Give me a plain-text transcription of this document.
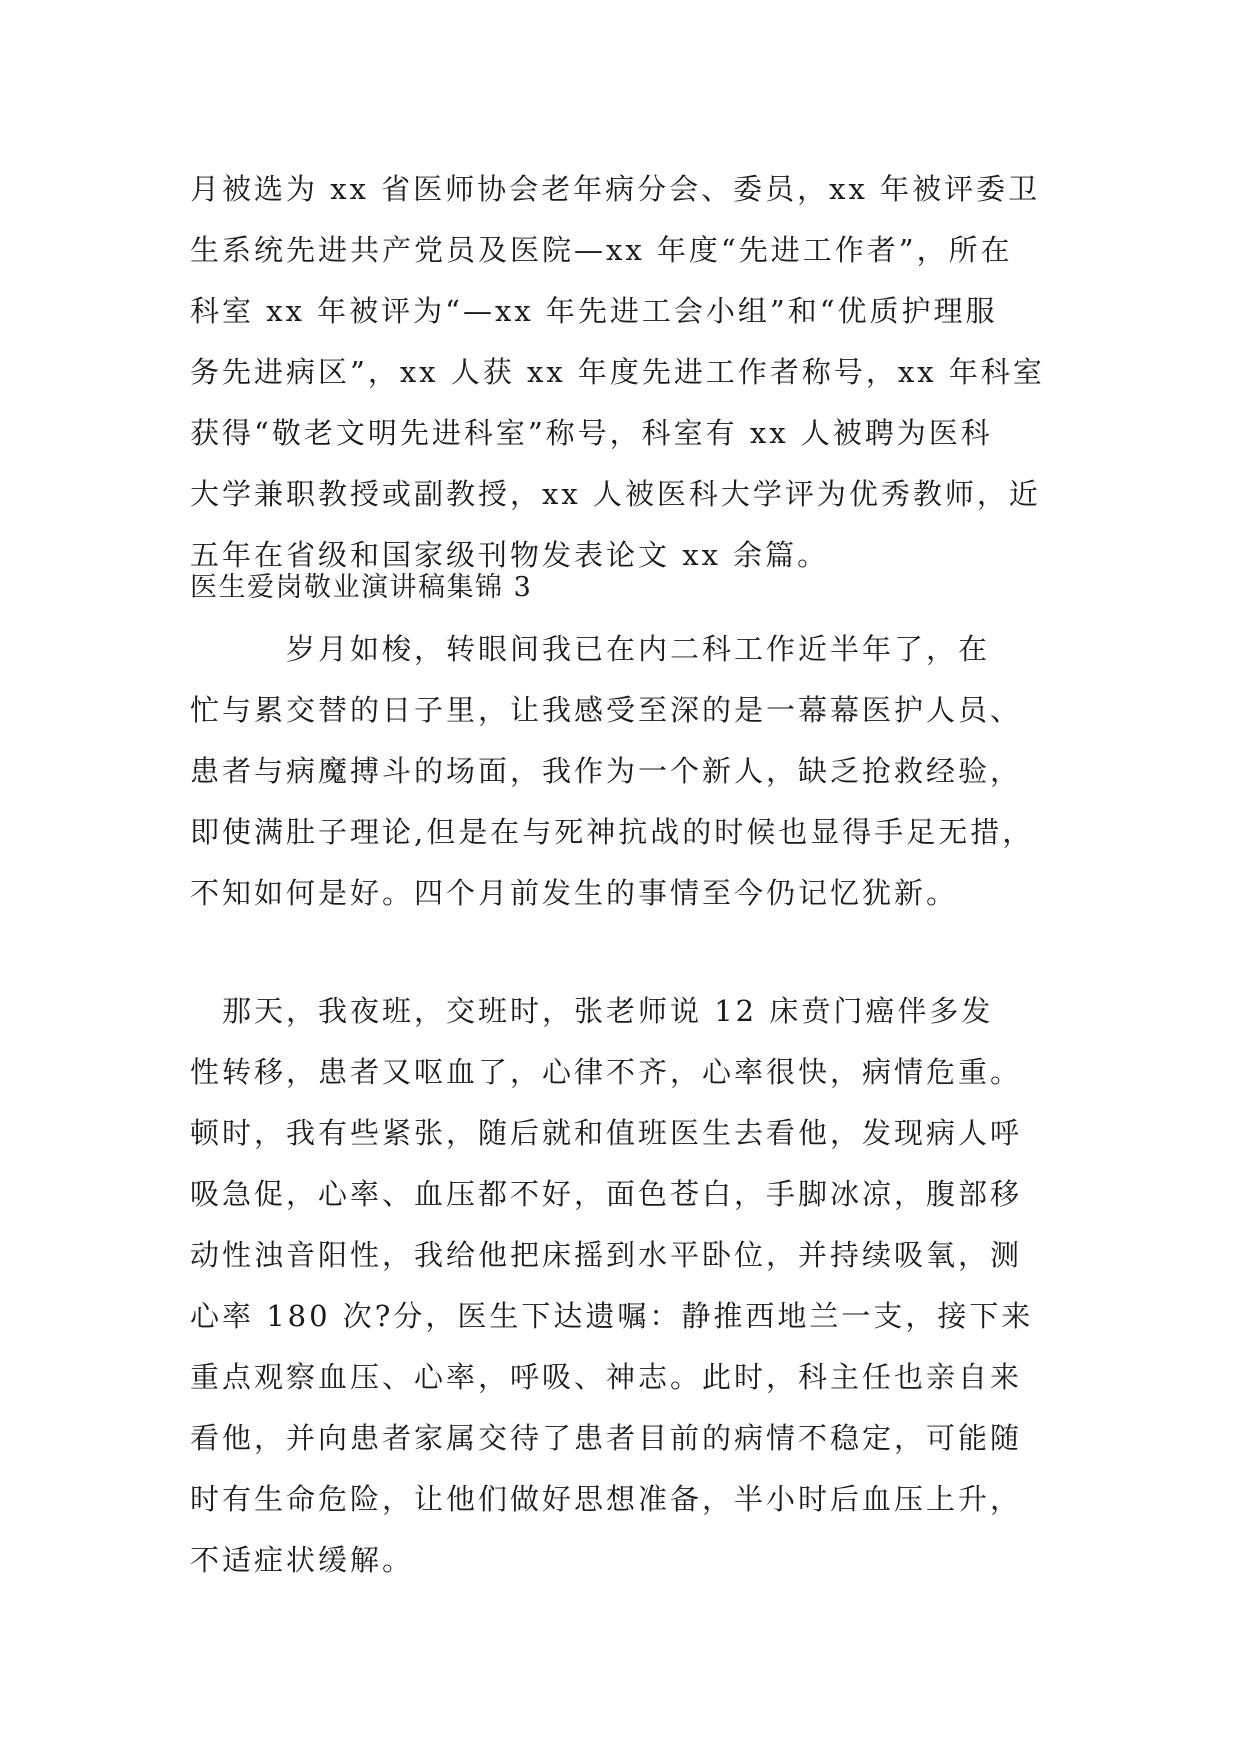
月被选为 xx 省医师协会老年病分会、委员，xx 年被评委卫
生系统先进共产党员及医院—xx 年度“先进工作者”，所在
科室 xx 年被评为“—xx 年先进工会小组”和“优质护理服
务先进病区”，xx 人获 xx 年度先进工作者称号，xx 年科室
获得“敬老文明先进科室”称号，科室有 xx 人被聘为医科
大学兼职教授或副教授，xx 人被医科大学评为优秀教师，近
五年在省级和国家级刊物发表论文 xx 余篇。
医生爱岗敬业演讲稿集锦 3
　　　岁月如梭，转眼间我已在内二科工作近半年了，在
忙与累交替的日子里，让我感受至深的是一幕幕医护人员、
患者与病魔搏斗的场面，我作为一个新人，缺乏抢救经验，
即使满肚子理论,但是在与死神抗战的时候也显得手足无措，
不知如何是好。四个月前发生的事情至今仍记忆犹新。
　那天，我夜班，交班时，张老师说 12 床贲门癌伴多发
性转移，患者又呕血了，心律不齐，心率很快，病情危重。
顿时，我有些紧张，随后就和值班医生去看他，发现病人呼
吸急促，心率、血压都不好，面色苍白，手脚冰凉，腹部移
动性浊音阳性，我给他把床摇到水平卧位，并持续吸氧，测
心率 180 次?分，医生下达遗嘱：静推西地兰一支，接下来
重点观察血压、心率，呼吸、神志。此时，科主任也亲自来
看他，并向患者家属交待了患者目前的病情不稳定，可能随
时有生命危险，让他们做好思想准备，半小时后血压上升，
不适症状缓解。
